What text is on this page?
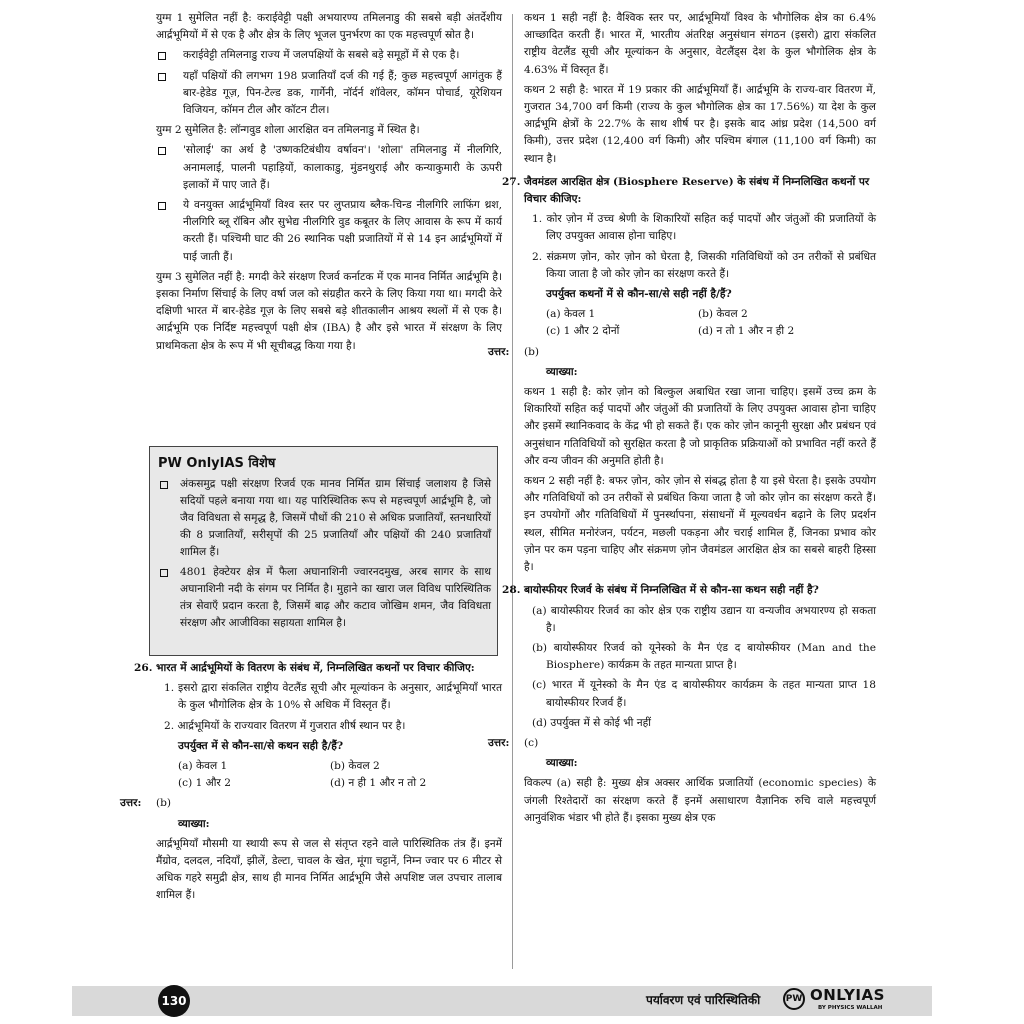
युग्म 1 सुमेलित नहीं है: कराईवेट्टी पक्षी अभयारण्य तमिलनाडु की सबसे बड़ी अंतर्देशीय आर्द्रभूमियों में से एक है और क्षेत्र के लिए भूजल पुनर्भरण का एक महत्त्वपूर्ण स्रोत है।

कराईवेट्टी तमिलनाडु राज्य में जलपक्षियों के सबसे बड़े समूहों में से एक है।
यहाँ पक्षियों की लगभग 198 प्रजातियाँ दर्ज की गई हैं; कुछ महत्त्वपूर्ण आगंतुक हैं बार-हेडेड गूज़, पिन-टेल्ड डक, गार्गेनी, नॉर्दर्न शॉवेलर, कॉमन पोचार्ड, यूरेशियन विजियन, कॉमन टील और कॉटन टील।

युग्म 2 सुमेलित है: लॉन्गवुड शोला आरक्षित वन तमिलनाडु में स्थित है।

'सोलाई' का अर्थ है 'उष्णकटिबंधीय वर्षावन'। 'शोला' तमिलनाडु में नीलगिरि, अनामलाई, पालनी पहाड़ियों, कालाकाडु, मुंडनथुराई और कन्याकुमारी के ऊपरी इलाकों में पाए जाते हैं।
ये वनयुक्त आर्द्रभूमियाँ विश्व स्तर पर लुप्तप्राय ब्लैक-चिन्ड नीलगिरि लाफिंग थ्रश, नीलगिरि ब्लू रॉबिन और सुभेद्य नीलगिरि वुड कबूतर के लिए आवास के रूप में कार्य करती हैं। पश्चिमी घाट की 26 स्थानिक पक्षी प्रजातियों में से 14 इन आर्द्रभूमियों में पाई जाती हैं।

युग्म 3 सुमेलित नहीं है: मगदी केरे संरक्षण रिजर्व कर्नाटक में एक मानव निर्मित आर्द्रभूमि है। इसका निर्माण सिंचाई के लिए वर्षा जल को संग्रहीत करने के लिए किया गया था। मगदी केरे दक्षिणी भारत में बार-हेडेड गूज़ के लिए सबसे बड़े शीतकालीन आश्रय स्थलों में से एक है। आर्द्रभूमि एक निर्दिष्ट महत्त्वपूर्ण पक्षी क्षेत्र (IBA) है और इसे भारत में संरक्षण के लिए प्राथमिकता क्षेत्र के रूप में भी सूचीबद्ध किया गया है।

PW OnlyIAS विशेष
अंकसमुद्र पक्षी संरक्षण रिजर्व एक मानव निर्मित ग्राम सिंचाई जलाशय है जिसे सदियों पहले बनाया गया था। यह पारिस्थितिक रूप से महत्त्वपूर्ण आर्द्रभूमि है, जो जैव विविधता से समृद्ध है, जिसमें पौधों की 210 से अधिक प्रजातियाँ, स्तनधारियों की 8 प्रजातियाँ, सरीसृपों की 25 प्रजातियाँ और पक्षियों की 240 प्रजातियाँ शामिल हैं।
4801 हेक्टेयर क्षेत्र में फैला अघानाशिनी ज्वारनदमुख, अरब सागर के साथ अघानाशिनी नदी के संगम पर निर्मित है। मुहाने का खारा जल विविध पारिस्थितिक तंत्र सेवाएँ प्रदान करता है, जिसमें बाढ़ और कटाव जोखिम शमन, जैव विविधता संरक्षण और आजीविका सहायता शामिल है।
26. भारत में आर्द्रभूमियों के वितरण के संबंध में, निम्नलिखित कथनों पर विचार कीजिए:

1. इसरो द्वारा संकलित राष्ट्रीय वेटलैंड सूची और मूल्यांकन के अनुसार, आर्द्रभूमियाँ भारत के कुल भौगोलिक क्षेत्र के 10% से अधिक में विस्तृत हैं।

2. आर्द्रभूमियों के राज्यवार वितरण में गुजरात शीर्ष स्थान पर है।

उपर्युक्त में से कौन-सा/से कथन सही है/हैं?

(a) केवल 1	(b) केवल 2
(c) 1 और 2	(d) न ही 1 और न तो 2
उत्तर: (b)

व्याख्या:

आर्द्रभूमियाँ मौसमी या स्थायी रूप से जल से संतृप्त रहने वाले पारिस्थितिक तंत्र हैं। इनमें मैंग्रोव, दलदल, नदियाँ, झीलें, डेल्टा, चावल के खेत, मूंगा चट्टानें, निम्न ज्वार पर 6 मीटर से अधिक गहरे समुद्री क्षेत्र, साथ ही मानव निर्मित आर्द्रभूमि जैसे अपशिष्ट जल उपचार तालाब शामिल हैं।

कथन 1 सही नहीं है: वैश्विक स्तर पर, आर्द्रभूमियाँ विश्व के भौगोलिक क्षेत्र का 6.4% आच्छादित करती हैं। भारत में, भारतीय अंतरिक्ष अनुसंधान संगठन (इसरो) द्वारा संकलित राष्ट्रीय वेटलैंड सूची और मूल्यांकन के अनुसार, वेटलैंड्स देश के कुल भौगोलिक क्षेत्र के 4.63% में विस्तृत हैं।

कथन 2 सही है: भारत में 19 प्रकार की आर्द्रभूमियाँ हैं। आर्द्रभूमि के राज्य-वार वितरण में, गुजरात 34,700 वर्ग किमी (राज्य के कुल भौगोलिक क्षेत्र का 17.56%) या देश के कुल आर्द्रभूमि क्षेत्रों के 22.7% के साथ शीर्ष पर है। इसके बाद आंध्र प्रदेश (14,500 वर्ग किमी), उत्तर प्रदेश (12,400 वर्ग किमी) और पश्चिम बंगाल (11,100 वर्ग किमी) का स्थान है।

27. जैवमंडल आरक्षित क्षेत्र (Biosphere Reserve) के संबंध में निम्नलिखित कथनों पर विचार कीजिए:

1. कोर ज़ोन में उच्च श्रेणी के शिकारियों सहित कई पादपों और जंतुओं की प्रजातियों के लिए उपयुक्त आवास होना चाहिए।

2. संक्रमण ज़ोन, कोर ज़ोन को घेरता है, जिसकी गतिविधियों को उन तरीकों से प्रबंधित किया जाता है जो कोर ज़ोन का संरक्षण करते हैं।

उपर्युक्त कथनों में से कौन-सा/से सही नहीं है/हैं?

(a) केवल 1	(b) केवल 2
(c) 1 और 2 दोनों	(d) न तो 1 और न ही 2
उत्तर: (b)

व्याख्या:

कथन 1 सही है: कोर ज़ोन को बिल्कुल अबाधित रखा जाना चाहिए। इसमें उच्च क्रम के शिकारियों सहित कई पादपों और जंतुओं की प्रजातियों के लिए उपयुक्त आवास होना चाहिए और इसमें स्थानिकवाद के केंद्र भी हो सकते हैं। एक कोर ज़ोन कानूनी सुरक्षा और प्रबंधन एवं अनुसंधान गतिविधियों को सुरक्षित करता है जो प्राकृतिक प्रक्रियाओं को प्रभावित नहीं करते हैं और वन्य जीवन की अनुमति होती है।

कथन 2 सही नहीं है: बफर ज़ोन, कोर ज़ोन से संबद्ध होता है या इसे घेरता है। इसके उपयोग और गतिविधियों को उन तरीकों से प्रबंधित किया जाता है जो कोर ज़ोन का संरक्षण करते हैं। इन उपयोगों और गतिविधियों में पुनर्स्थापना, संसाधनों में मूल्यवर्धन बढ़ाने के लिए प्रदर्शन स्थल, सीमित मनोरंजन, पर्यटन, मछली पकड़ना और चराई शामिल हैं, जिनका प्रभाव कोर ज़ोन पर कम पड़ना चाहिए और संक्रमण ज़ोन जैवमंडल आरक्षित क्षेत्र का सबसे बाहरी हिस्सा है।

28. बायोस्फीयर रिजर्व के संबंध में निम्नलिखित में से कौन-सा कथन सही नहीं है?

(a) बायोस्फीयर रिजर्व का कोर क्षेत्र एक राष्ट्रीय उद्यान या वन्यजीव अभयारण्य हो सकता है।

(b) बायोस्फीयर रिजर्व को यूनेस्को के मैन एंड द बायोस्फीयर (Man and the Biosphere) कार्यक्रम के तहत मान्यता प्राप्त है।

(c) भारत में यूनेस्को के मैन एंड द बायोस्फीयर कार्यक्रम के तहत मान्यता प्राप्त 18 बायोस्फीयर रिजर्व हैं।

(d) उपर्युक्त में से कोई भी नहीं

उत्तर: (c)

व्याख्या:

विकल्प (a) सही है: मुख्य क्षेत्र अक्सर आर्थिक प्रजातियों (economic species) के जंगली रिश्तेदारों का संरक्षण करते हैं इनमें असाधारण वैज्ञानिक रुचि वाले महत्त्वपूर्ण आनुवंशिक भंडार भी होते हैं। इसका मुख्य क्षेत्र एक

130	पर्यावरण एवं पारिस्थितिकी	PW ONLYIAS
BY PHYSICS WALLAH
